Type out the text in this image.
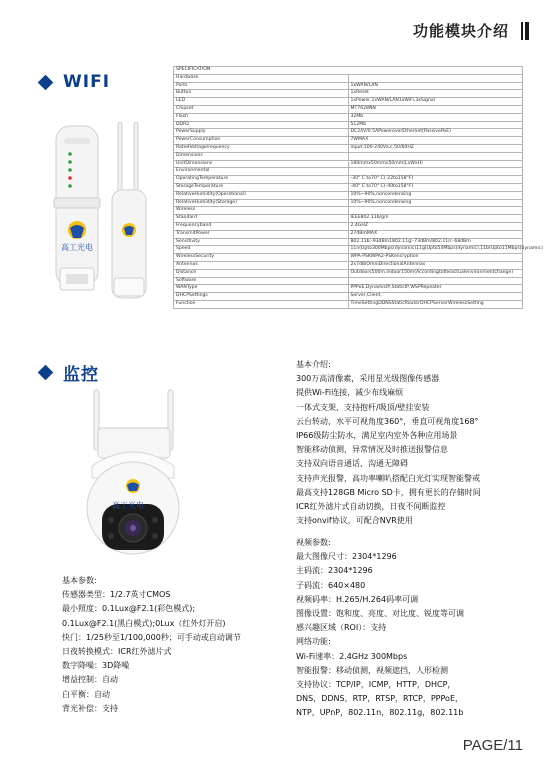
功能模块介绍
WIFI
高工光电
SPECIFICATION	
Hardware	
Ports	1xWAN/LAN
Button	1xReset
LED	1xPower,1xWAN/LAN1xWiFi,3xSignal
Chipset	MT7628NN
Flash	32Mb
DDR2	512Mb
PowerSupply	DC24V/0.5APoweroverEthernet(PassivePoE)
PowerConsumption	7WMAX
RatedVoltage/requency	input:100-240Va.c.50/60HZ
Dimensions	
UnitDimensions	180mmx50mmx50mm(LxWxH)
Environmental	
OperatingTemperature	-30° C to70° C(-22to158°F)
StorageTemperature	-40° C to70° C(-40to158°F)
RelativeHumidity(Operational)	10%~90%,noncondensing
RelativeHumidity(Storage)	10%~90%,noncondensing
Wireless	
Standard	IEEE802.11b/g/n
Frequencyband	2.4GHZ
TransmitPower	27dBmMAX
Sensitivity	802.11b:-93dBm1802.11g:-73dBm/802.11n:-68dBm
Speed	11n(Upto300Mbps(dynamic)11g(Upto54Mbps(dynamic),11b(Upto11Mbps(dynamic)
WirelessSecurity	WPA-PSKWPA2-PSKencryption
Antennas	2x7dBiOmniDirectionalAntennas
Distance	Outdoors500m,Indoor150m(Accordingtotheactualenvironmentchange)
Software	
WANType	PPPoE,DynamicIP,StaticIP,WSPRepeater
DHCPSettings	Server,Client,
Function	TimeSettingDDNSStaticRouterDHCPServerWirelessSetting
监控
高工光电
基本介绍:
300万高清像素，采用星光级图像传感器
提供Wi-Fi连接，减少布线麻烦
一体式支架，支持抱杆/吸顶/壁挂安装
云台转动，水平可视角度360°，垂直可视角度168°
IP66级防尘防水，满足室内室外各种应用场景
智能移动侦测，异常情况及时推送报警信息
支持双向语音通话，沟通无障碍
支持声光报警，高功率喇叭搭配白光灯实现智能警戒
最高支持128GB Micro SD卡，拥有更长的存储时间
ICR红外滤片式自动切换，日夜不间断监控
支持onvif协议，可配合NVR使用
视频参数:
最大图像尺寸：2304*1296
主码流：2304*1296
子码流：640×480
视频码率：H.265/H.264码率可调
图像设置：饱和度、亮度、对比度、锐度等可调
感兴趣区域（ROI）：支持
网络功能:
Wi-Fi速率：2.4GHz 300Mbps
智能报警：移动侦测，视频遮挡，人形检测
支持协议：TCP/IP，ICMP，HTTP，DHCP，
DNS，DDNS，RTP，RTSP，RTCP，PPPoE，
NTP，UPnP，802.11n，802.11g，802.11b
基本参数:
传感器类型：1/2.7英寸CMOS
最小照度：0.1Lux@F2.1(彩色模式);
0.1Lux@F2.1(黑白模式);0Lux（红外灯开启)
快门：1/25秒至1/100,000秒；可手动或自动调节
日夜转换模式：ICR红外滤片式
数字降噪：3D降噪
增益控制：自动
白平衡：自动
背光补偿：支持
PAGE/11
